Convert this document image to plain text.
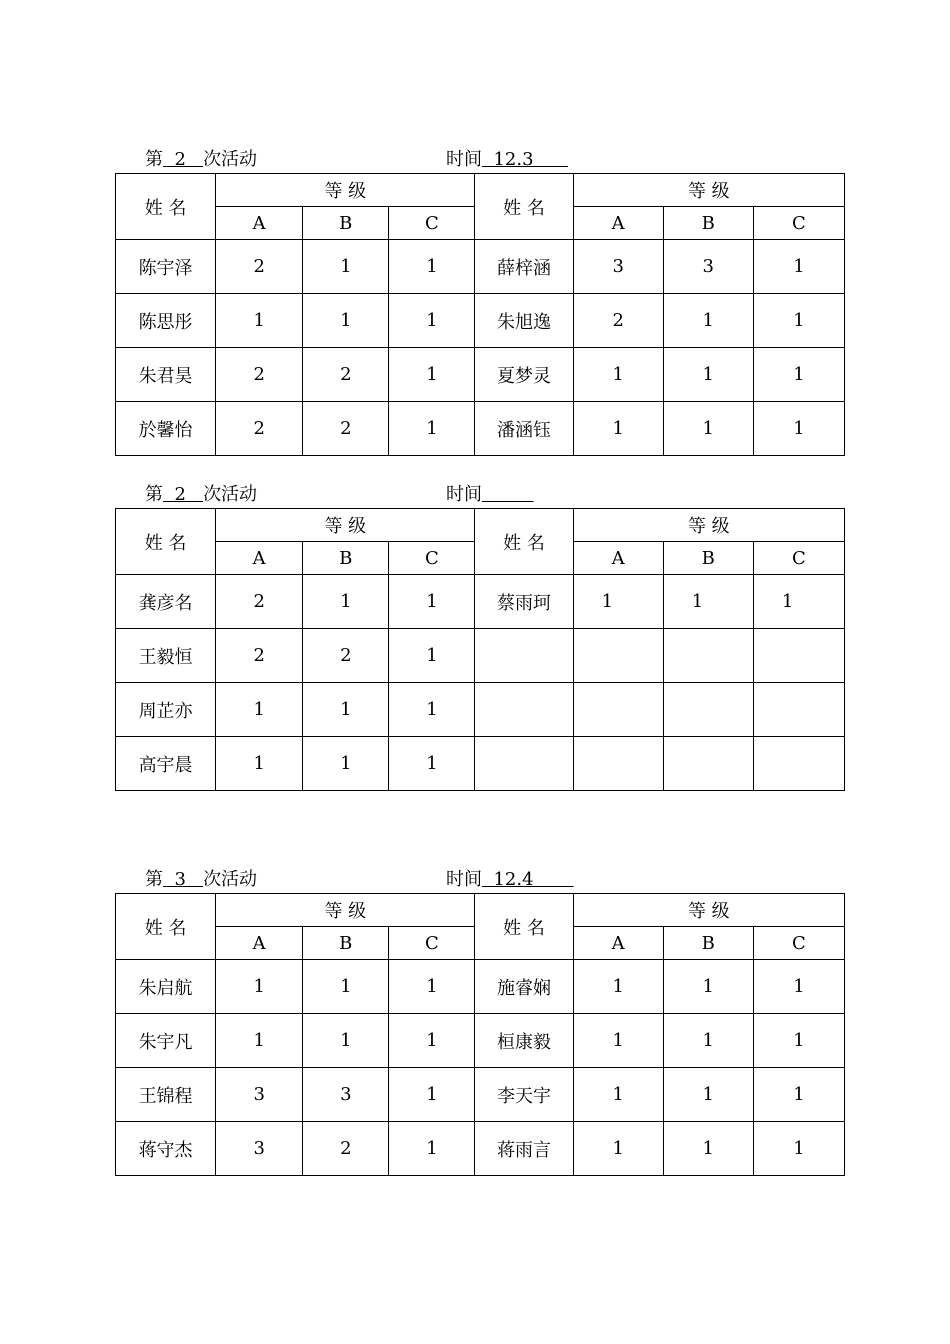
第  2   次活动	时间  12.3
姓 名	等 级			姓 名	等 级		
	A	B	C		A	B	C
陈宇泽	2	1	1	薛梓涵	3	3	1
陈思彤	1	1	1	朱旭逸	2	1	1
朱君昊	2	2	1	夏梦灵	1	1	1
於馨怡	2	2	1	潘涵钰	1	1	1
第  2   次活动	时间
姓 名	等 级			姓 名	等 级		
	A	B	C		A	B	C
龚彦名	2	1	1	蔡雨珂	1	1	1
王毅恒	2	2	1				
周芷亦	1	1	1				
高宇晨	1	1	1				
第  3   次活动	时间  12.4
姓 名	等 级			姓 名	等 级		
	A	B	C		A	B	C
朱启航	1	1	1	施睿娴	1	1	1
朱宇凡	1	1	1	桓康毅	1	1	1
王锦程	3	3	1	李天宇	1	1	1
蒋守杰	3	2	1	蒋雨言	1	1	1
